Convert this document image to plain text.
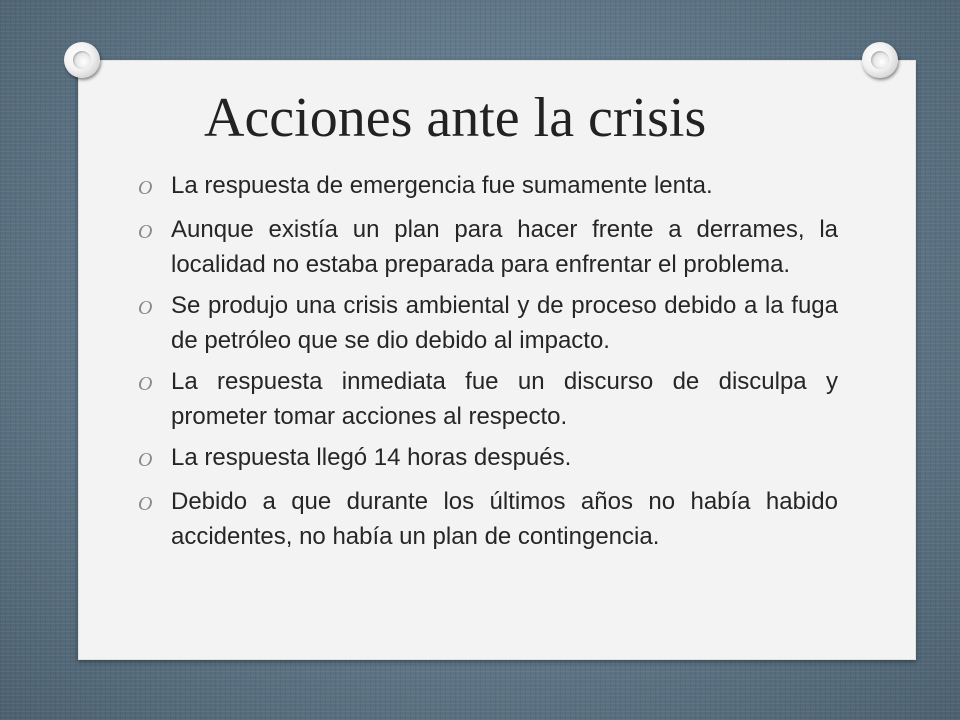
Acciones ante la crisis
O La respuesta de emergencia fue sumamente lenta.
O Aunque existía un plan para hacer frente a derrames, la localidad no estaba preparada para enfrentar el problema.
O Se produjo una crisis ambiental y de proceso debido a la fuga de petróleo que se dio debido al impacto.
O La respuesta inmediata fue un discurso de disculpa y prometer tomar acciones al respecto.
O La respuesta llegó 14 horas después.
O Debido a que durante los últimos años no había habido accidentes, no había un plan de contingencia.
